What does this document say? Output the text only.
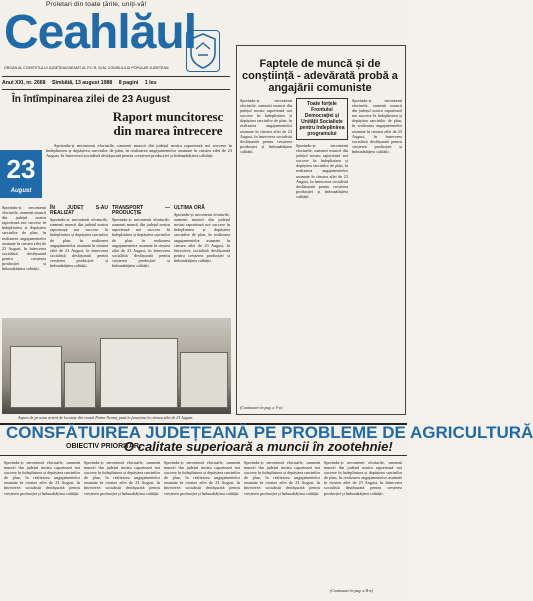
Proletari din toate țările, uniți-vă!
Ceahlăul
ORGAN AL COMITETULUI JUDEȚEAN NEAMȚ AL P.C.R. ȘI AL CONSILIULUI POPULAR JUDEȚEAN
Anul XXI, nr. 2668 Sîmbătă, 13 august 1988 8 pagini 1 leu
În întîmpinarea zilei de 23 August
Raport muncitoresc din marea întrecere
23
August
Sporindu-și necontenit eforturile, oamenii muncii din județul nostru raportează noi succese în îndeplinirea și depășirea sarcinilor de plan, în realizarea angajamentelor asumate în cinstea zilei de 23 August, în întrecerea socialistă desfășurată pentru creșterea producției și îmbunătățirea calității.
Sporindu-și necontenit eforturile, oamenii muncii din județul nostru raportează noi succese în îndeplinirea și depășirea sarcinilor de plan, în realizarea angajamentelor asumate în cinstea zilei de 23 August, în întrecerea socialistă desfășurată pentru creșterea producției și îmbunătățirea calității.
ÎN JUDEȚ S-AU REALIZAT
Sporindu-și necontenit eforturile, oamenii muncii din județul nostru raportează noi succese în îndeplinirea și depășirea sarcinilor de plan, în realizarea angajamentelor asumate în cinstea zilei de 23 August, în întrecerea socialistă desfășurată pentru creșterea producției și îmbunătățirea calității.
TRANSPORT — PRODUCȚIE
Sporindu-și necontenit eforturile, oamenii muncii din județul nostru raportează noi succese în îndeplinirea și depășirea sarcinilor de plan, în realizarea angajamentelor asumate în cinstea zilei de 23 August, în întrecerea socialistă desfășurată pentru creșterea producției și îmbunătățirea calității.
ULTIMA ORĂ
Sporindu-și necontenit eforturile, oamenii muncii din județul nostru raportează noi succese în îndeplinirea și depășirea sarcinilor de plan, în realizarea angajamentelor asumate în cinstea zilei de 23 August, în întrecerea socialistă desfășurată pentru creșterea producției și îmbunătățirea calității.
Aspect de pe noua arteră de locuințe din orașul Piatra Neamț, pusă în funcțiune în cinstea zilei de 23 August.
Faptele de muncă și de conștiință - adevărată probă a angajării comuniste
Sporindu-și necontenit eforturile, oamenii muncii din județul nostru raportează noi succese în îndeplinirea și depășirea sarcinilor de plan, în realizarea angajamentelor asumate în cinstea zilei de 23 August, în întrecerea socialistă desfășurată pentru creșterea producției și îmbunătățirea calității.
Toate forțele Frontului Democrației și Unității Socialiste pentru îndeplinirea programului
Sporindu-și necontenit eforturile, oamenii muncii din județul nostru raportează noi succese în îndeplinirea și depășirea sarcinilor de plan, în realizarea angajamentelor asumate în cinstea zilei de 23 August, în întrecerea socialistă desfășurată pentru creșterea producției și îmbunătățirea calității.
Sporindu-și necontenit eforturile, oamenii muncii din județul nostru raportează noi succese în îndeplinirea și depășirea sarcinilor de plan, în realizarea angajamentelor asumate în cinstea zilei de 23 August, în întrecerea socialistă desfășurată pentru creșterea producției și îmbunătățirea calității.
(Continuare în pag. a V-a)
CONSFĂTUIREA JUDEȚEANĂ PE PROBLEME DE AGRICULTURĂ
OBIECTIV PRIORITAR:
O calitate superioară a muncii în zootehnie!
Sporindu-și necontenit eforturile, oamenii muncii din județul nostru raportează noi succese în îndeplinirea și depășirea sarcinilor de plan, în realizarea angajamentelor asumate în cinstea zilei de 23 August, în întrecerea socialistă desfășurată pentru creșterea producției și îmbunătățirea calității.
Sporindu-și necontenit eforturile, oamenii muncii din județul nostru raportează noi succese în îndeplinirea și depășirea sarcinilor de plan, în realizarea angajamentelor asumate în cinstea zilei de 23 August, în întrecerea socialistă desfășurată pentru creșterea producției și îmbunătățirea calității.
Sporindu-și necontenit eforturile, oamenii muncii din județul nostru raportează noi succese în îndeplinirea și depășirea sarcinilor de plan, în realizarea angajamentelor asumate în cinstea zilei de 23 August, în întrecerea socialistă desfășurată pentru creșterea producției și îmbunătățirea calității.
Sporindu-și necontenit eforturile, oamenii muncii din județul nostru raportează noi succese în îndeplinirea și depășirea sarcinilor de plan, în realizarea angajamentelor asumate în cinstea zilei de 23 August, în întrecerea socialistă desfășurată pentru creșterea producției și îmbunătățirea calității.
Sporindu-și necontenit eforturile, oamenii muncii din județul nostru raportează noi succese în îndeplinirea și depășirea sarcinilor de plan, în realizarea angajamentelor asumate în cinstea zilei de 23 August, în întrecerea socialistă desfășurată pentru creșterea producției și îmbunătățirea calității.
(Continuare în pag. a II-a)
